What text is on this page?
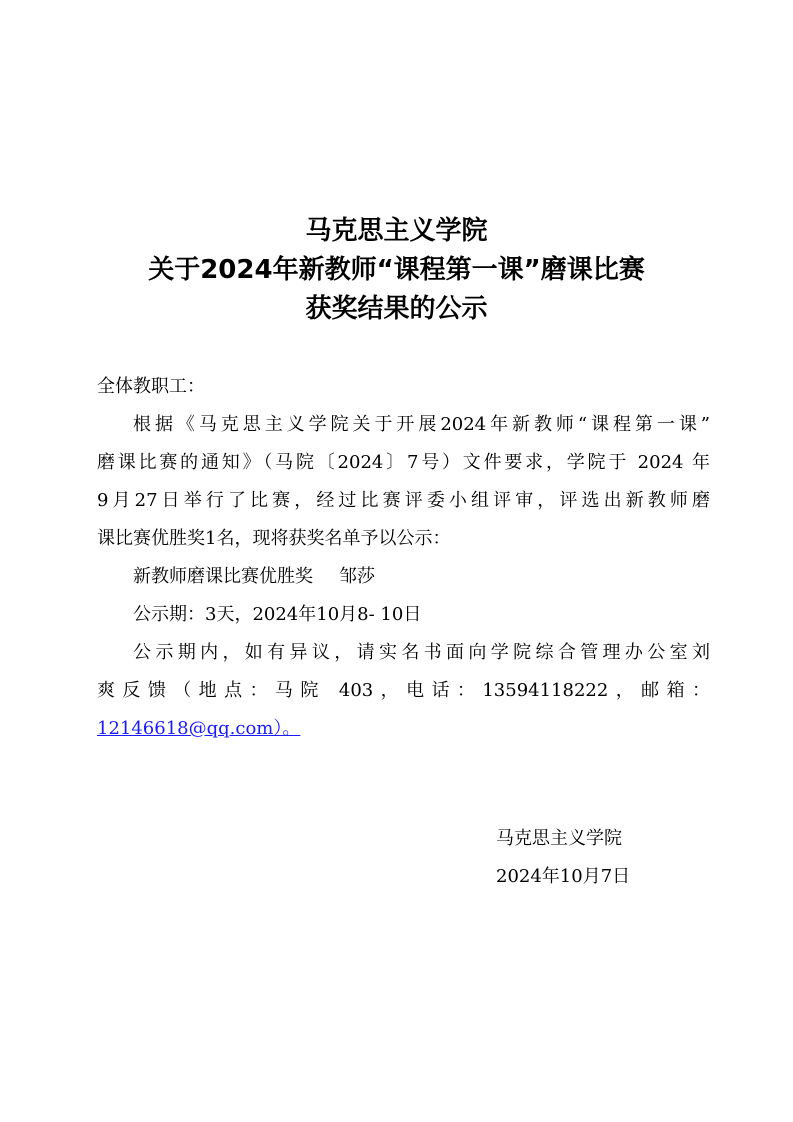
马克思主义学院
关于2024年新教师“课程第一课”磨课比赛
获奖结果的公示
全体教职工：
根据《马克思主义学院关于开展2024年新教师“课程第一课”
磨课比赛的通知》（马院〔2024〕7号）文件要求，学院于 2024 年
9月27日举行了比赛，经过比赛评委小组评审，评选出新教师磨
课比赛优胜奖1名，现将获奖名单予以公示：
新教师磨课比赛优胜奖 邹莎
公示期：3天，2024年10月8- 10日
公示期内，如有异议，请实名书面向学院综合管理办公室刘
爽反馈（地点：马院 403，电话：13594118222，邮箱：
12146618@qq.com）。
马克思主义学院
2024年10月7日
